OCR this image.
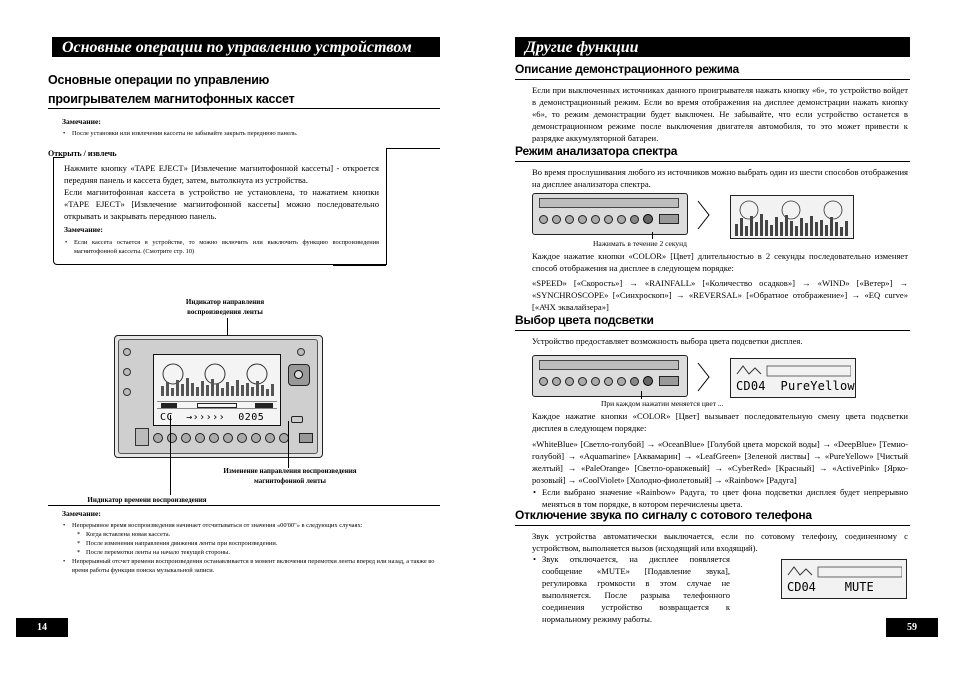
Основные операции по управлению устройством
Основные операции по управлению
проигрывателем магнитофонных кассет
Замечание:
• После установки или извлечения кассеты не забывайте закрыть переднюю панель.
Открыть / извлечь

Нажмите кнопку «TAPE EJECT» [Извлечение магнитофонной кассеты] - откроется передняя панель и кассета будет, затем, вытолкнута из устройства.

Если магнитофонная кассета в устройство не установлена, то нажатием кнопки «TAPE EJECT» [Извлечение магнитофонной кассеты] можно последовательно открывать и закрывать переднюю панель.

Замечание:
• Если кассета остается в устройстве, то можно включить или выключить функцию воспроизведения магнитофонной кассеты. (Смотрите стр. 10)
Индикатор направления
воспроизведения ленты
CC  →›››››  0205
Изменение направления воспроизведения
магнитофонной ленты
Индикатор времени воспроизведения
Замечание:
• Непрерывное время воспроизведения начинает отсчитываться от значения «00'00"» в следующих случаях:
* Когда вставлена новая кассета.
* После изменения направления движения ленты при воспроизведении.
* После перемотки ленты на начало текущей стороны.
• Непрерывный отсчет времени воспроизведения останавливается в момент включения перемотки ленты вперед или назад, а также во время работы функции поиска музыкальной записи.
14
Другие функции
Описание демонстрационного режима
Если при выключенных источниках данного проигрывателя нажать кнопку «6», то устройство войдет в демонстрационный режим. Если во время отображения на дисплее демонстрации нажать кнопку «6», то режим демонстрации будет выключен. Не забывайте, что если устройство останется в демонстрационном режиме после выключения двигателя автомобиля, то это может привести к разрядке аккумуляторной батареи.
Режим анализатора спектра
Во время прослушивания любого из источников можно выбрать один из шести способов отображения на дисплее анализатора спектра.
Нажимать в течение 2 секунд

Каждое нажатие кнопки «COLOR» [Цвет] длительностью в 2 секунды последовательно изменяет способ отображения на дисплее в следующем порядке:

«SPEED» [«Скорость»] → «RAINFALL» [«Количество осадков»] → «WIND» [«Ветер»] → «SYNCHROSCOPE» [«Синхроскоп»] → «REVERSAL» [«Обратное отображение»] → «EQ curve» [«АЧХ эквалайзера»]

Выбор цвета подсветки
Устройство предоставляет возможность выбора цвета подсветки дисплея.
CD04  PureYellow
При каждом нажатии меняется цвет ...

Каждое нажатие кнопки «COLOR» [Цвет] вызывает последовательную смену цвета подсветки дисплея в следующем порядке:

«WhiteBlue» [Светло-голубой] → «OceanBlue» [Голубой цвета морской воды] → «DeepBlue» [Темно-голубой] → «Aquamarine» [Аквамарин] → «LeafGreen» [Зеленой листвы] → «PureYellow» [Чистый желтый] → «PaleOrange» [Светло-оранжевый] → «CyberRed» [Красный] → «ActivePink» [Ярко-розовый] → «CoolViolet» [Холодно-фиолетовый] → «Rainbow» [Радуга]

• Если выбрано значение «Rainbow» Радуга, то цвет фона подсветки дисплея будет непрерывно меняться в том порядке, в котором перечислены цвета.
Отключение звука по сигналу с сотового телефона
Звук устройства автоматически выключается, если по сотовому телефону, соединенному с устройством, выполняется вызов (исходящий или входящий).
• Звук отключается, на дисплее появляется сообщение «MUTE» [Подавление звука], регулировка громкости в этом случае не выполняется. После разрыва телефонного соединения устройство возвращается к нормальному режиму работы.
CD04    MUTE
59
